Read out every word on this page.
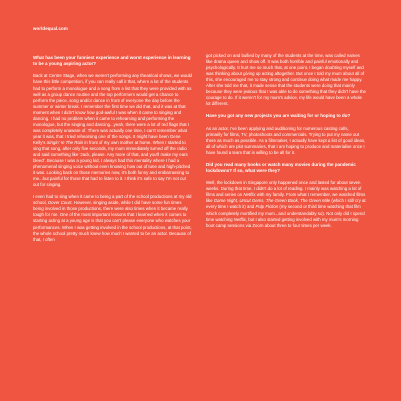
worldequal.com
What has been your funniest experience and worst experience in learning to be a young aspiring actor?

Back at Centre Stage, when we weren't performing any theatrical shows, we would have this little competition, if you can really call it that, where a lot of the students had to perform a monologue and a song from a list that they were provided with as well as a group dance routine and the top performers would get a chance to perform the piece, song and/or dance in front of everyone the day before the summer or winter break. I remember the first time we did that, and it was at that moment when I didn't know how god-awful I was when it came to singing and dancing. I had no problem when it came to rehearsing and performing the monologue, but the singing and dancing...yeah, there were a lot of red flags that I was completely unaware of. There was actually one time, I can't remember what year it was, that I tried rehearsing one of the songs. It might have been Gene Kelly's Singin' In The Rain in front of my own mother at home. When I started to sing that song, after only five seconds, my mum immediately turned off the radio and said something like 'Jack, please. Any more of that, and you'll make my ears bleed'. Because I was a young kid, I always had this mentality where I had a phenomenal singing voice without even knowing how out of tune and high-pitched it was. Looking back on those memories now, it's both funny and embarrassing to me...but painful for those that had to listen to it. I think it's safe to say I'm not cut out for singing.

I even had to sing when it came to being a part of the school productions at my old school, Dover Court. However, singing aside, while I did have some fun times being involved in those productions, there were also times when it became really tough for me. One of the most important lessons that I learned when it comes to starting acting at a young age is that you can't please everyone who watches your performances. When I was getting involved in the school productions, at that point, the whole school pretty much knew how much I wanted to be an actor. Because of that, I often

got picked on and bullied by many of the students at the time, was called names like drama queen and show off. It was both horrible and painful emotionally and psychologically. It hurt me so much that, at one point, I began doubting myself and was thinking about giving up acting altogether. But once I told my mum about all of this, she encouraged me to stay strong and continue doing what made me happy. After she told me that, it made sense that the students were doing that mainly because they were jealous that I was able to do something that they didn't have the courage to do. If it weren't for my mum's advice, my life would have been a whole lot different.

Have you got any new projects you are waiting for or hoping to do?

As an actor, I've been applying and auditioning for numerous casting calls, primarily for films, TV, photoshoots and commercials. Trying to put my name out there as much as possible. As a filmmaker, I actually have kept a list of good ideas, all of which are plot summaries, that I am hoping to produce and materialise once I have found a team that is willing to be all for it.

Did you read many books or watch many movies during the pandemic lockdowns? If so, what were they?

Well, the lockdown in Singapore only happened once and lasted for about seven weeks. During that time, I didn't do a lot of reading. I mainly was watching a lot of films and series on Netflix with my family. From what I remember, we watched films like Game Night, Uncut Gems, The Green Book, The Green Mile (which I still cry at every time I watch it) and Pulp Fiction (my second or third time watching that film which completely mortified my mum...and understandably so). Not only did I spend time watching Netflix, but I also started getting involved with my mum's morning boot camp sessions via Zoom about three to four times per week.
